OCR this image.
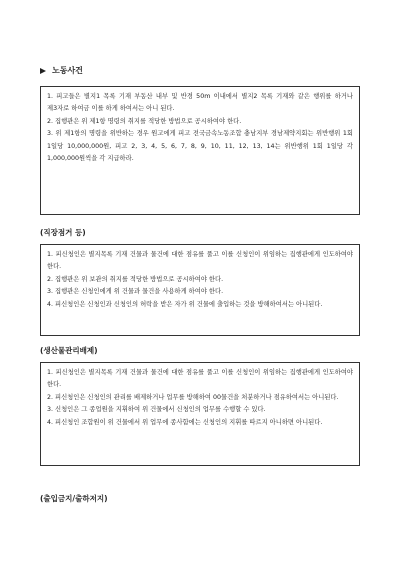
노동사건

1. 피고들은 별지1 목록 기재 부동산 내부 및 반경 50m 이내에서 별지2 목록 기재와 같은 행위를 하거나 제3자로 하여금 이를 하게 하여서는 아니 된다.

2. 집행관은 위 제1항 명령의 취지를 적당한 방법으로 공시하여야 한다.

3. 위 제1항의 명령을 위반하는 경우 원고에게 피고 전국금속노동조합 충남지부 경남제약지회는 위반행위 1회 1일당 10,000,000원, 피고 2, 3, 4, 5, 6, 7, 8, 9, 10, 11, 12, 13, 14는 위반행위 1회 1일당 각 1,000,000원씩을 각 지급하라.

(직장점거 등)

1. 피신청인은 별지목록 기재 건물과 물건에 대한 점유를 풀고 이를 신청인이 위임하는 집행관에게 인도하여야 한다.

2. 집행관은 위 보관의 취지를 적당한 방법으로 공시하여야 한다.

3. 집행관은 신청인에게 위 건물과 물건을 사용하게 하여야 한다.

4. 피신청인은 신청인과 신청인의 허락을 받은 자가 위 건물에 출입하는 것을 방해하여서는 아니된다.

(생산물관리배제)

1. 피신청인은 별지목록 기재 건물과 물건에 대한 점유를 풀고 이를 신청인이 위임하는 집행관에게 인도하여야 한다.

2. 피신청인은 신청인의 관리를 배제하거나 업무를 방해하여 00물건을 처분하거나 점유하여서는 아니된다.

3. 신청인은 그 종업원을 지휘하여 위 건물에서 신청인의 업무를 수행할 수 있다.

4. 피신청인 조합원이 위 건물에서 위 업무에 종사함에는 신청인의 지휘를 따르지 아니하면 아니된다.

(출입금지/출하저지)
